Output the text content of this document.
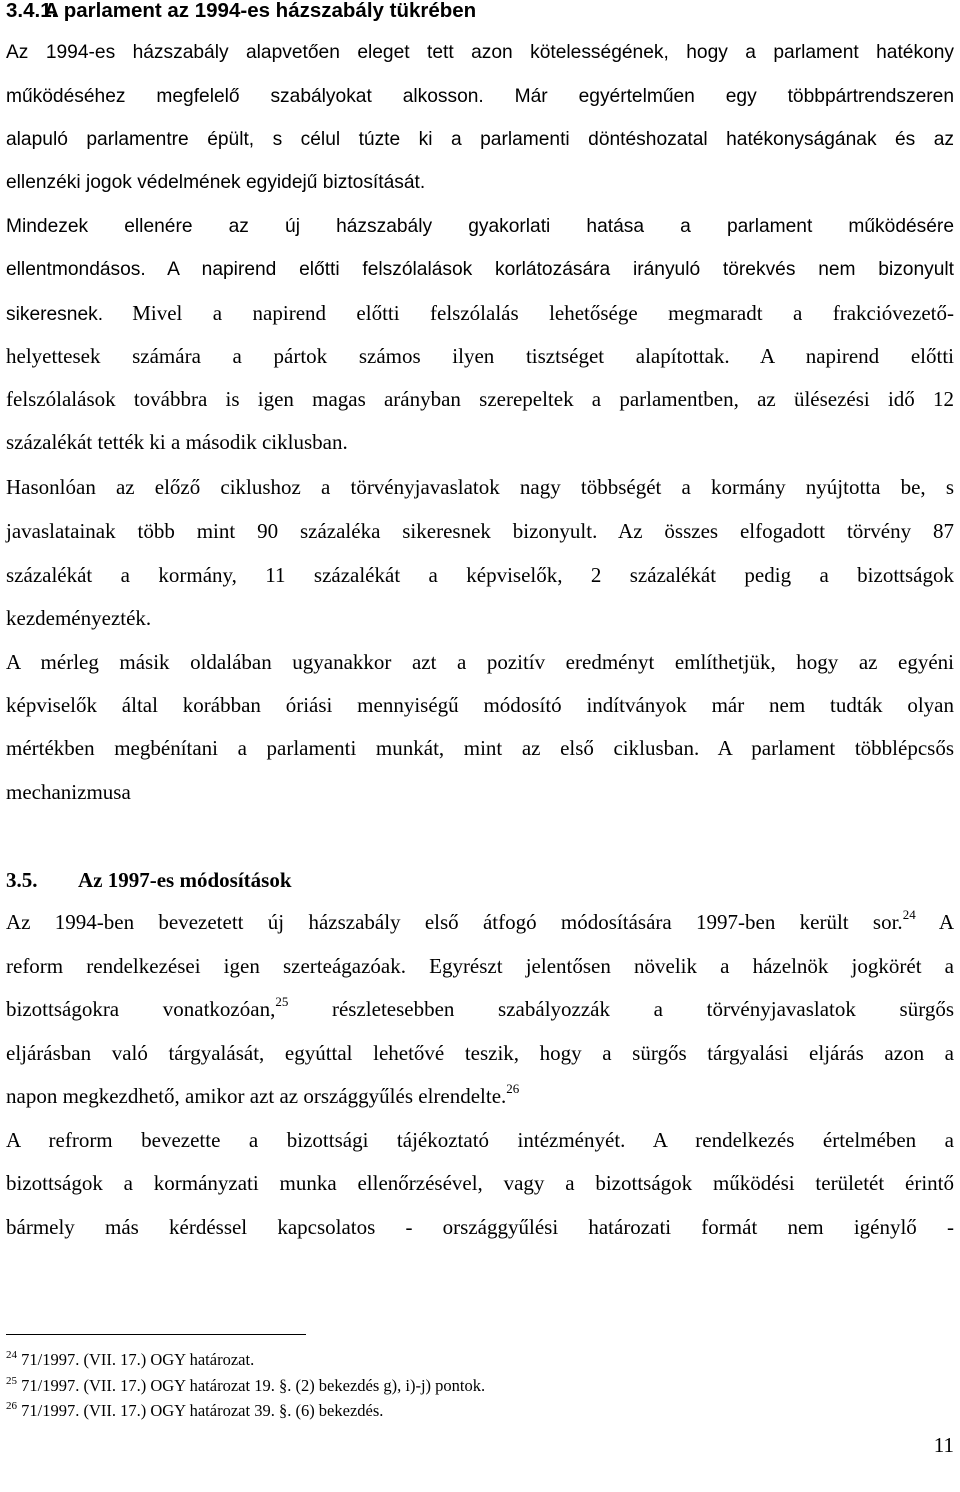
3.4.1.A parlament az 1994-es házszabály tükrében
Az 1994-es házszabály alapvetően eleget tett azon kötelességének, hogy a parlament hatékony
működéséhez megfelelő szabályokat alkosson. Már egyértelműen egy többpártrendszeren
alapuló parlamentre épült, s célul túzte ki a parlamenti döntéshozatal hatékonyságának és az
ellenzéki jogok védelmének egyidejű biztosítását.
Mindezek ellenére az új házszabály gyakorlati hatása a parlament működésére
ellentmondásos. A napirend előtti felszólalások korlátozására irányuló törekvés nem bizonyult
sikeresnek. Mivel a napirend előtti felszólalás lehetősége megmaradt a frakcióvezető-
helyettesek számára a pártok számos ilyen tisztséget alapítottak. A napirend előtti
felszólalások továbbra is igen magas arányban szerepeltek a parlamentben, az ülésezési idő 12
százalékát tették ki a második ciklusban.
Hasonlóan az előző ciklushoz a törvényjavaslatok nagy többségét a kormány nyújtotta be, s
javaslatainak több mint 90 százaléka sikeresnek bizonyult. Az összes elfogadott törvény 87
százalékát a kormány, 11 százalékát a képviselők, 2 százalékát pedig a bizottságok
kezdeményezték.
A mérleg másik oldalában ugyanakkor azt a pozitív eredményt említhetjük, hogy az egyéni
képviselők által korábban óriási mennyiségű módosító indítványok már nem tudták olyan
mértékben megbénítani a parlamenti munkát, mint az első ciklusban. A parlament többlépcsős
mechanizmusa
3.5. Az 1997-es módosítások
Az 1994-ben bevezetett új házszabály első átfogó módosítására 1997-ben került sor.$^{24}$ A
reform rendelkezései igen szerteágazóak. Egyrészt jelentősen növelik a házelnök jogkörét a
bizottságokra vonatkozóan,$^{25}$ részletesebben szabályozzák a törvényjavaslatok sürgős
eljárásban való tárgyalását, egyúttal lehetővé teszik, hogy a sürgős tárgyalási eljárás azon a
napon megkezdhető, amikor azt az országgyűlés elrendelte.$^{26}$
A refrorm bevezette a bizottsági tájékoztató intézményét. A rendelkezés értelmében a
bizottságok a kormányzati munka ellenőrzésével, vagy a bizottságok működési területét érintő
bármely más kérdéssel kapcsolatos - országgyűlési határozati formát nem igénylő -
$^{24}$ 71/1997. (VII. 17.) OGY határozat.
$^{25}$ 71/1997. (VII. 17.) OGY határozat 19. §. (2) bekezdés g), i)-j) pontok.
$^{26}$ 71/1997. (VII. 17.) OGY határozat 39. §. (6) bekezdés.
11
